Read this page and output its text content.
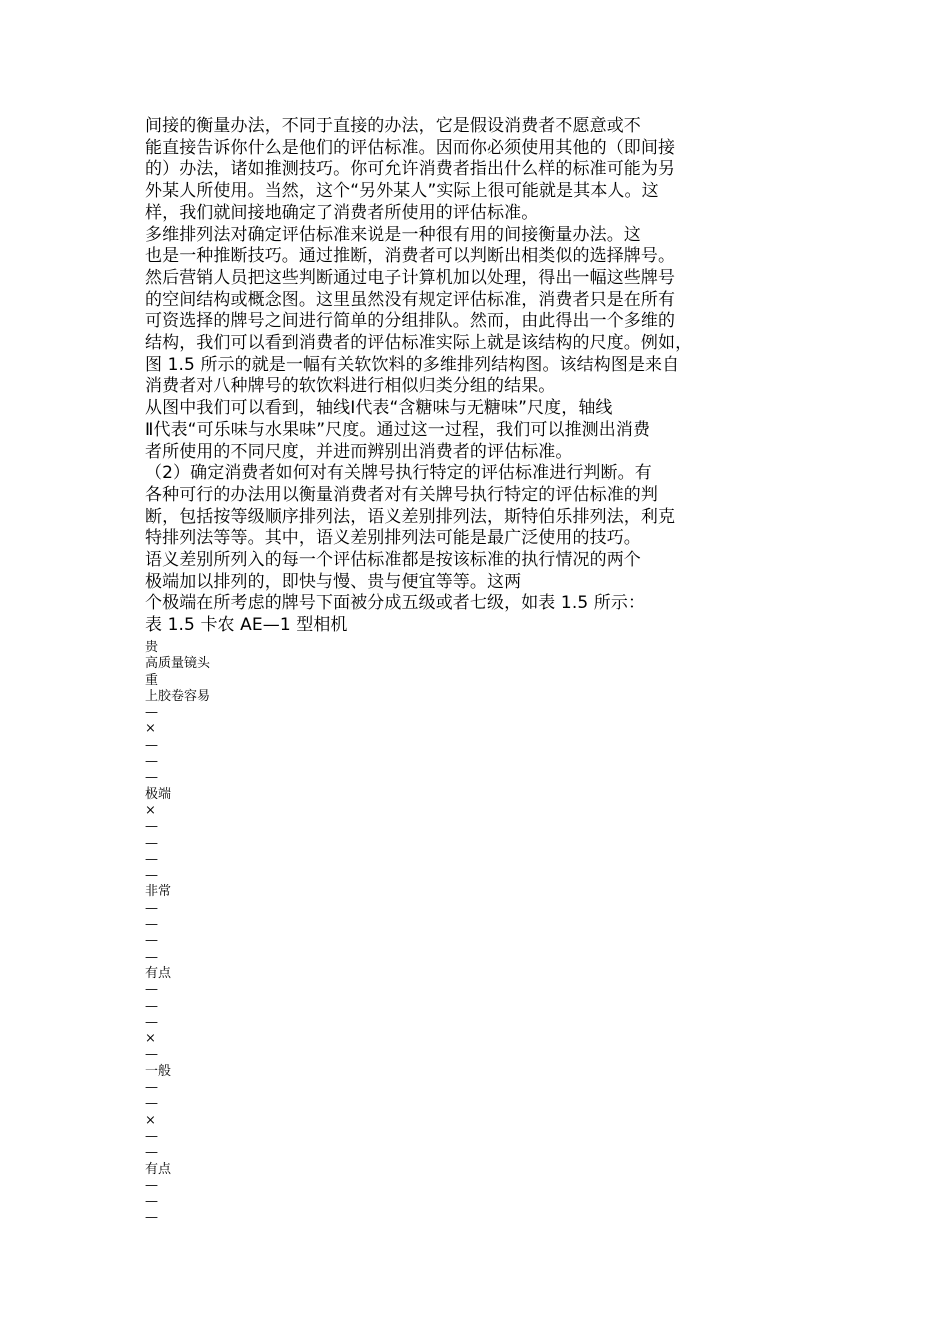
间接的衡量办法，不同于直接的办法，它是假设消费者不愿意或不
能直接告诉你什么是他们的评估标准。因而你必须使用其他的（即间接
的）办法，诸如推测技巧。你可允许消费者指出什么样的标准可能为另
外某人所使用。当然，这个“另外某人”实际上很可能就是其本人。这
样，我们就间接地确定了消费者所使用的评估标准。
多维排列法对确定评估标准来说是一种很有用的间接衡量办法。这
也是一种推断技巧。通过推断，消费者可以判断出相类似的选择牌号。
然后营销人员把这些判断通过电子计算机加以处理，得出一幅这些牌号
的空间结构或概念图。这里虽然没有规定评估标准，消费者只是在所有
可资选择的牌号之间进行简单的分组排队。然而，由此得出一个多维的
结构，我们可以看到消费者的评估标准实际上就是该结构的尺度。例如，
图 1.5 所示的就是一幅有关软饮料的多维排列结构图。该结构图是来自
消费者对八种牌号的软饮料进行相似归类分组的结果。
从图中我们可以看到，轴线Ⅰ代表“含糖味与无糖味”尺度，轴线
Ⅱ代表“可乐味与水果味”尺度。通过这一过程，我们可以推测出消费
者所使用的不同尺度，并进而辨别出消费者的评估标准。
（2）确定消费者如何对有关牌号执行特定的评估标准进行判断。有
各种可行的办法用以衡量消费者对有关牌号执行特定的评估标准的判
断，包括按等级顺序排列法，语义差别排列法，斯特伯乐排列法，利克
特排列法等等。其中，语义差别排列法可能是最广泛使用的技巧。
语义差别所列入的每一个评估标准都是按该标准的执行情况的两个
极端加以排列的，即快与慢、贵与便宜等等。这两
个极端在所考虑的牌号下面被分成五级或者七级，如表 1.5 所示：
表 1.5 卡农 AE—1 型相机
贵
高质量镜头
重
上胶卷容易
—
×
—
—
—
极端
×
—
—
—
—
非常
—
—
—
—
有点
—
—
—
×
—
一般
—
—
×
—
—
有点
—
—
—
